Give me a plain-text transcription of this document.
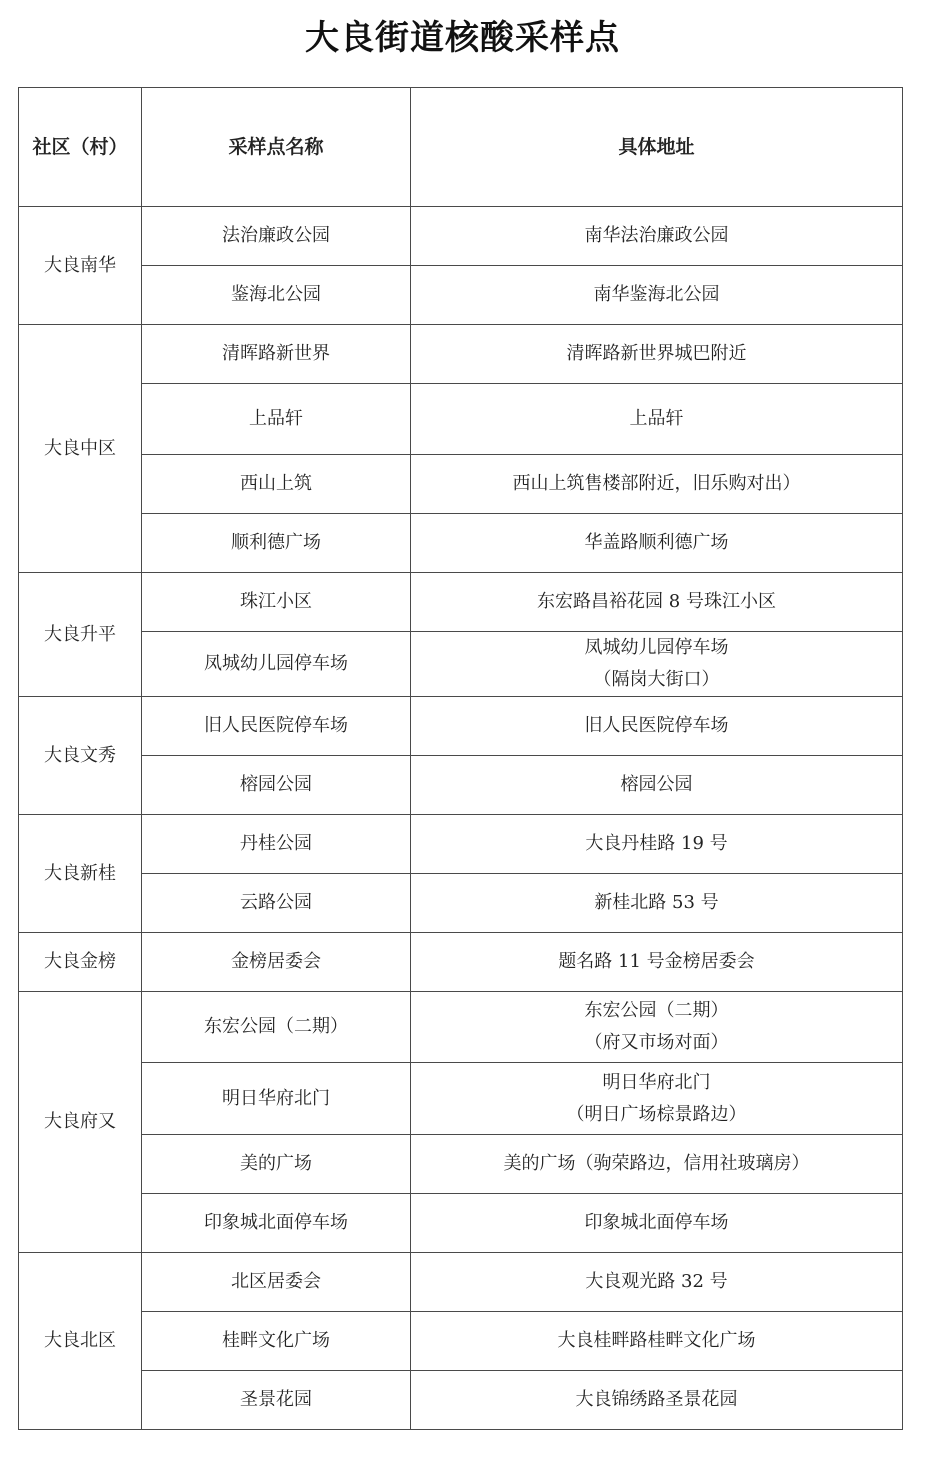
大良街道核酸采样点
社区（村）	采样点名称	具体地址
大良南华	法治廉政公园	南华法治廉政公园

	鉴海北公园	南华鉴海北公园

大良中区	清晖路新世界	清晖路新世界城巴附近

	上品轩	上品轩

	西山上筑	西山上筑售楼部附近，旧乐购对出）

	顺利德广场	华盖路顺利德广场

大良升平	珠江小区	东宏路昌裕花园 8 号珠江小区

	凤城幼儿园停车场	凤城幼儿园停车场
（隔岗大街口）

大良文秀	旧人民医院停车场	旧人民医院停车场

	榕园公园	榕园公园

大良新桂	丹桂公园	大良丹桂路 19 号

	云路公园	新桂北路 53 号

大良金榜	金榜居委会	题名路 11 号金榜居委会

大良府又	东宏公园（二期）	东宏公园（二期）
（府又市场对面）

	明日华府北门	明日华府北门
（明日广场棕景路边）

	美的广场	美的广场（驹荣路边，信用社玻璃房）

	印象城北面停车场	印象城北面停车场

大良北区	北区居委会	大良观光路 32 号

	桂畔文化广场	大良桂畔路桂畔文化广场

	圣景花园	大良锦绣路圣景花园
